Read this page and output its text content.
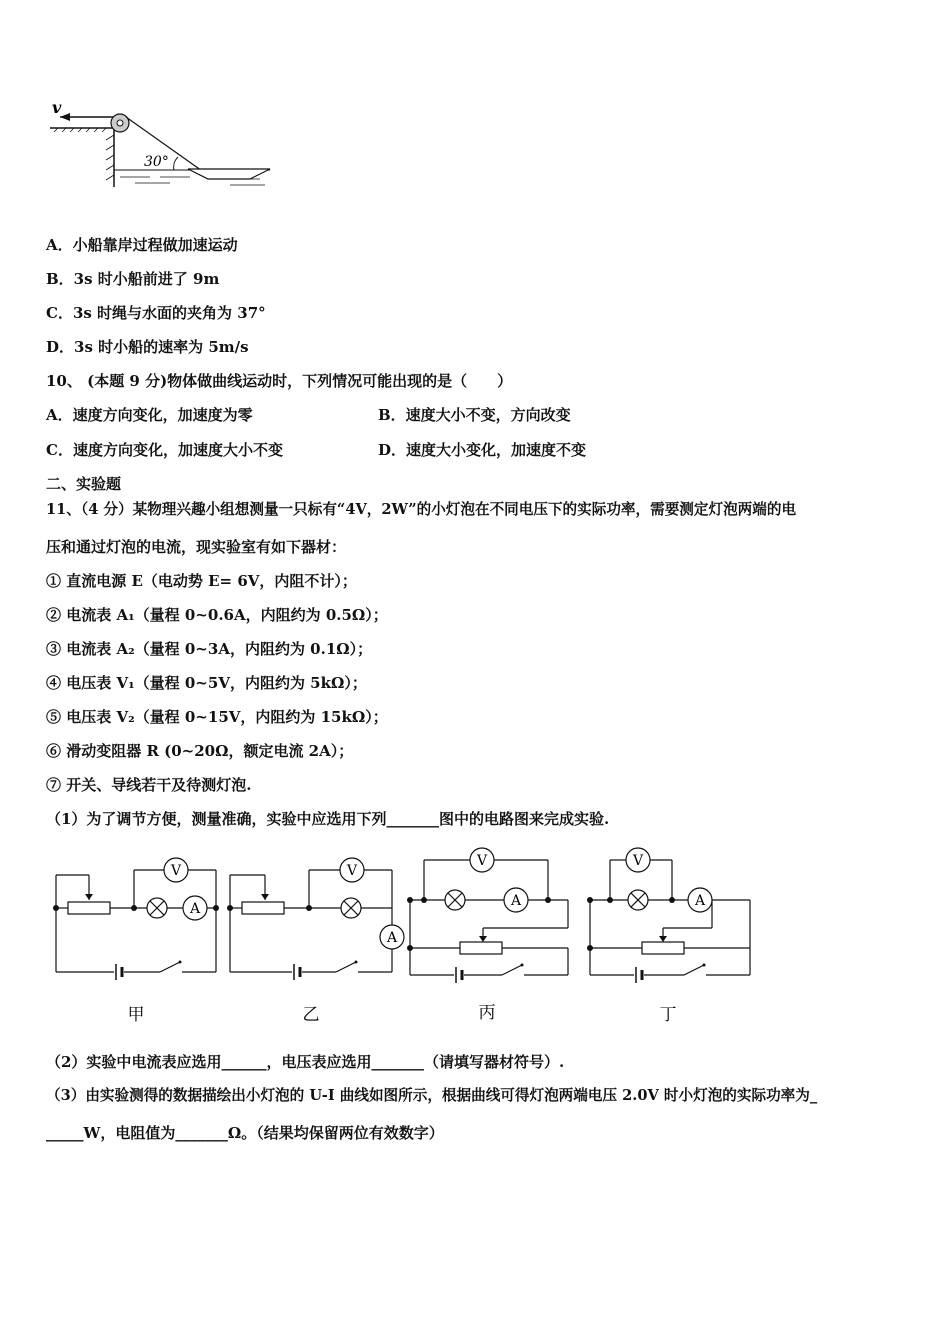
v
30°
A．小船靠岸过程做加速运动
B．3s 时小船前进了 9m
C．3s 时绳与水面的夹角为 37°
D．3s 时小船的速率为 5m/s
10、 (本题 9 分)物体做曲线运动时，下列情况可能出现的是（　　）
A．速度方向变化，加速度为零	B．速度大小不变，方向改变
C．速度方向变化，加速度大小不变	D．速度大小变化，加速度不变
二、实验题
11、（4 分）某物理兴趣小组想测量一只标有“4V，2W”的小灯泡在不同电压下的实际功率，需要测定灯泡两端的电
压和通过灯泡的电流，现实验室有如下器材：
① 直流电源 E（电动势 E= 6V，内阻不计）；
② 电流表 A₁（量程 0~0.6A，内阻约为 0.5Ω）；
③ 电流表 A₂（量程 0~3A，内阻约为 0.1Ω）；
④ 电压表 V₁（量程 0~5V，内阻约为 5kΩ）；
⑤ 电压表 V₂（量程 0~15V，内阻约为 15kΩ）；
⑥ 滑动变阻器 R (0~20Ω，额定电流 2A）；
⑦ 开关、导线若干及待测灯泡.
（1）为了调节方便，测量准确，实验中应选用下列_______图中的电路图来完成实验.
V
A
V
A
V
A
V
A
甲	乙	丙	丁
（2）实验中电流表应选用______，电压表应选用_______（请填写器材符号）.
（3）由实验测得的数据描绘出小灯泡的 U-I 曲线如图所示，根据曲线可得灯泡两端电压 2.0V 时小灯泡的实际功率为_
_____W，电阻值为_______Ω。（结果均保留两位有效数字）
